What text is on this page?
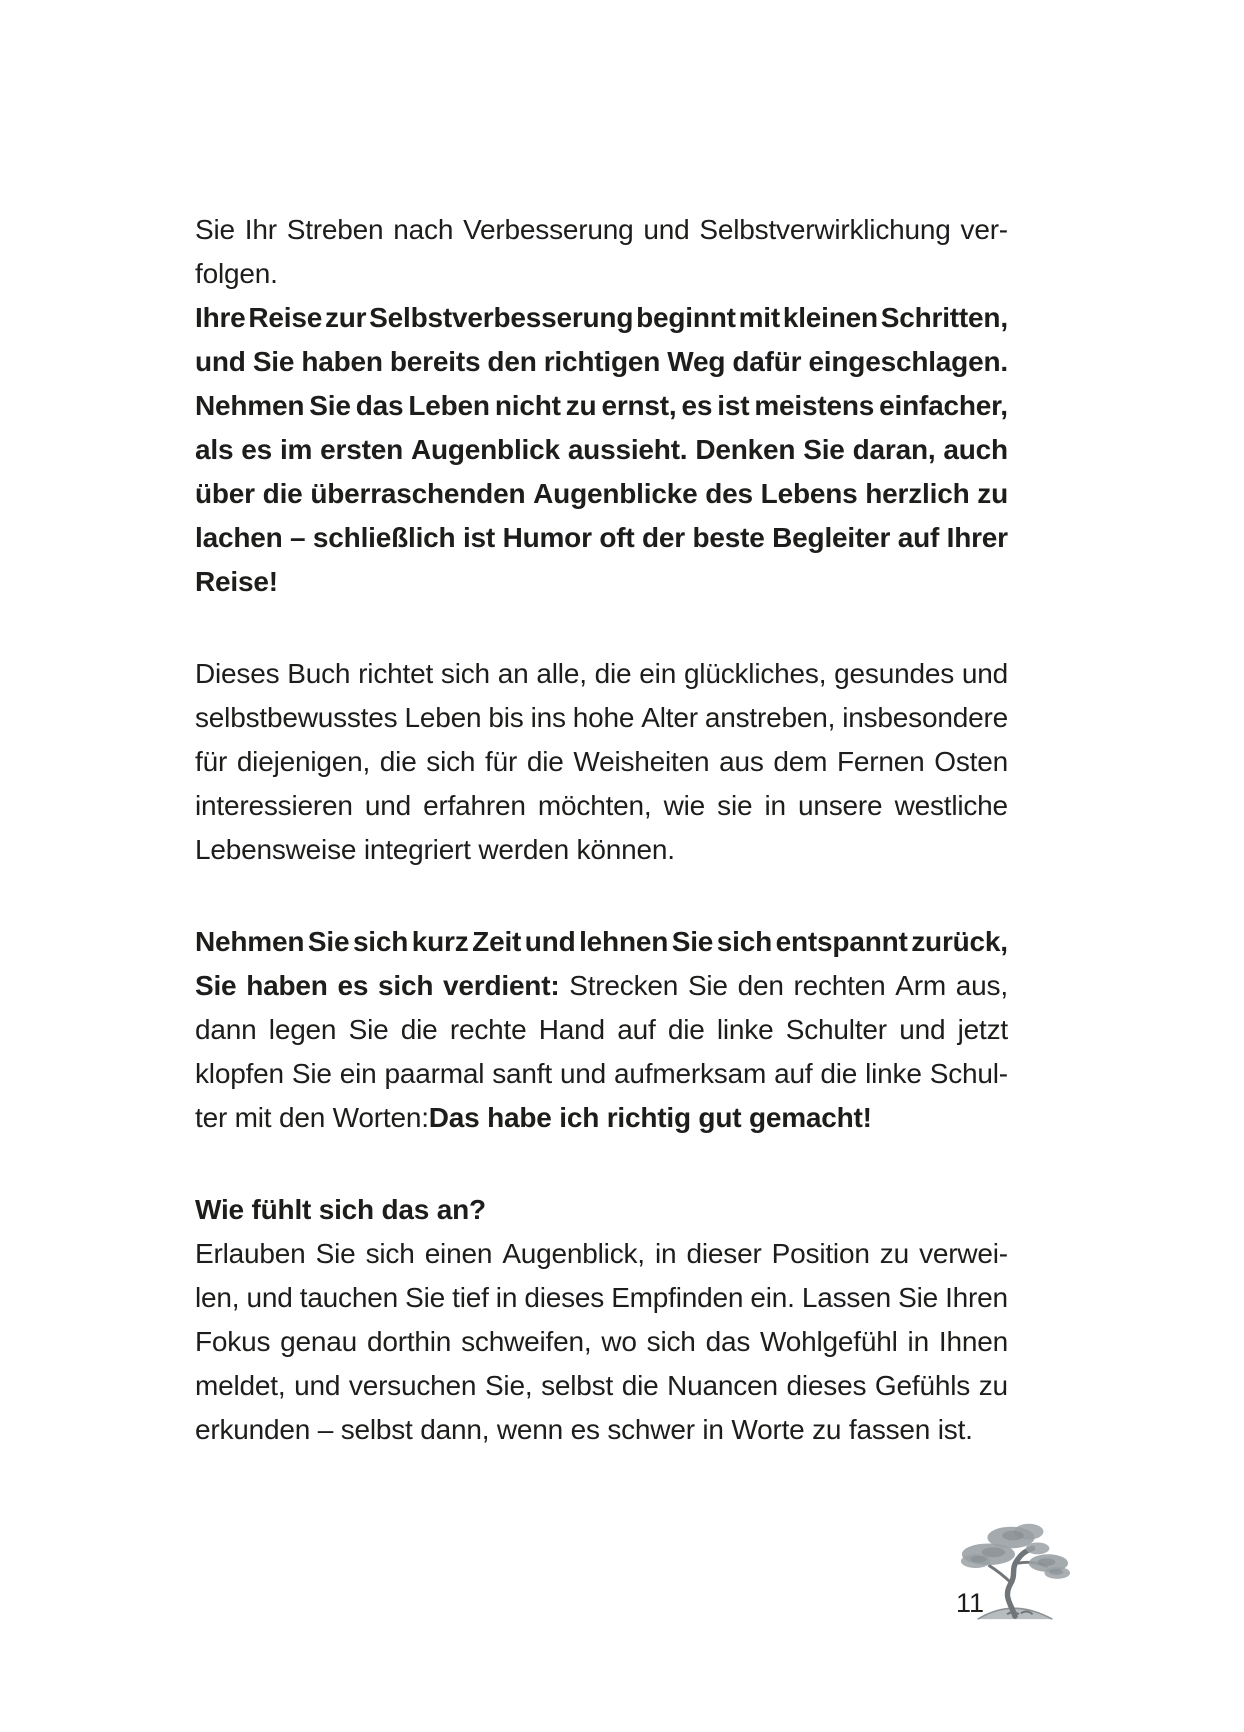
Sie Ihr Streben nach Verbesserung und Selbstverwirklichung ver-
folgen.
Ihre Reise zur Selbstverbesserung beginnt mit kleinen Schritten,
und Sie haben bereits den richtigen Weg dafür eingeschlagen.
Nehmen Sie das Leben nicht zu ernst, es ist meistens einfacher,
als es im ersten Augenblick aussieht. Denken Sie daran, auch
über die überraschenden Augenblicke des Lebens herzlich zu
lachen – schließlich ist Humor oft der beste Begleiter auf Ihrer
Reise!
Dieses Buch richtet sich an alle, die ein glückliches, gesundes und
selbstbewusstes Leben bis ins hohe Alter anstreben, insbesondere
für diejenigen, die sich für die Weisheiten aus dem Fernen Osten
interessieren und erfahren möchten, wie sie in unsere westliche
Lebensweise integriert werden können.
Nehmen Sie sich kurz Zeit und lehnen Sie sich entspannt zurück,
Sie haben es sich verdient: Strecken Sie den rechten Arm aus,
dann legen Sie die rechte Hand auf die linke Schulter und jetzt
klopfen Sie ein paarmal sanft und aufmerksam auf die linke Schul-
ter mit den Worten:Das habe ich richtig gut gemacht!
Wie fühlt sich das an?
Erlauben Sie sich einen Augenblick, in dieser Position zu verwei-
len, und tauchen Sie tief in dieses Empfinden ein. Lassen Sie Ihren
Fokus genau dorthin schweifen, wo sich das Wohlgefühl in Ihnen
meldet, und versuchen Sie, selbst die Nuancen dieses Gefühls zu
erkunden – selbst dann, wenn es schwer in Worte zu fassen ist.
11
